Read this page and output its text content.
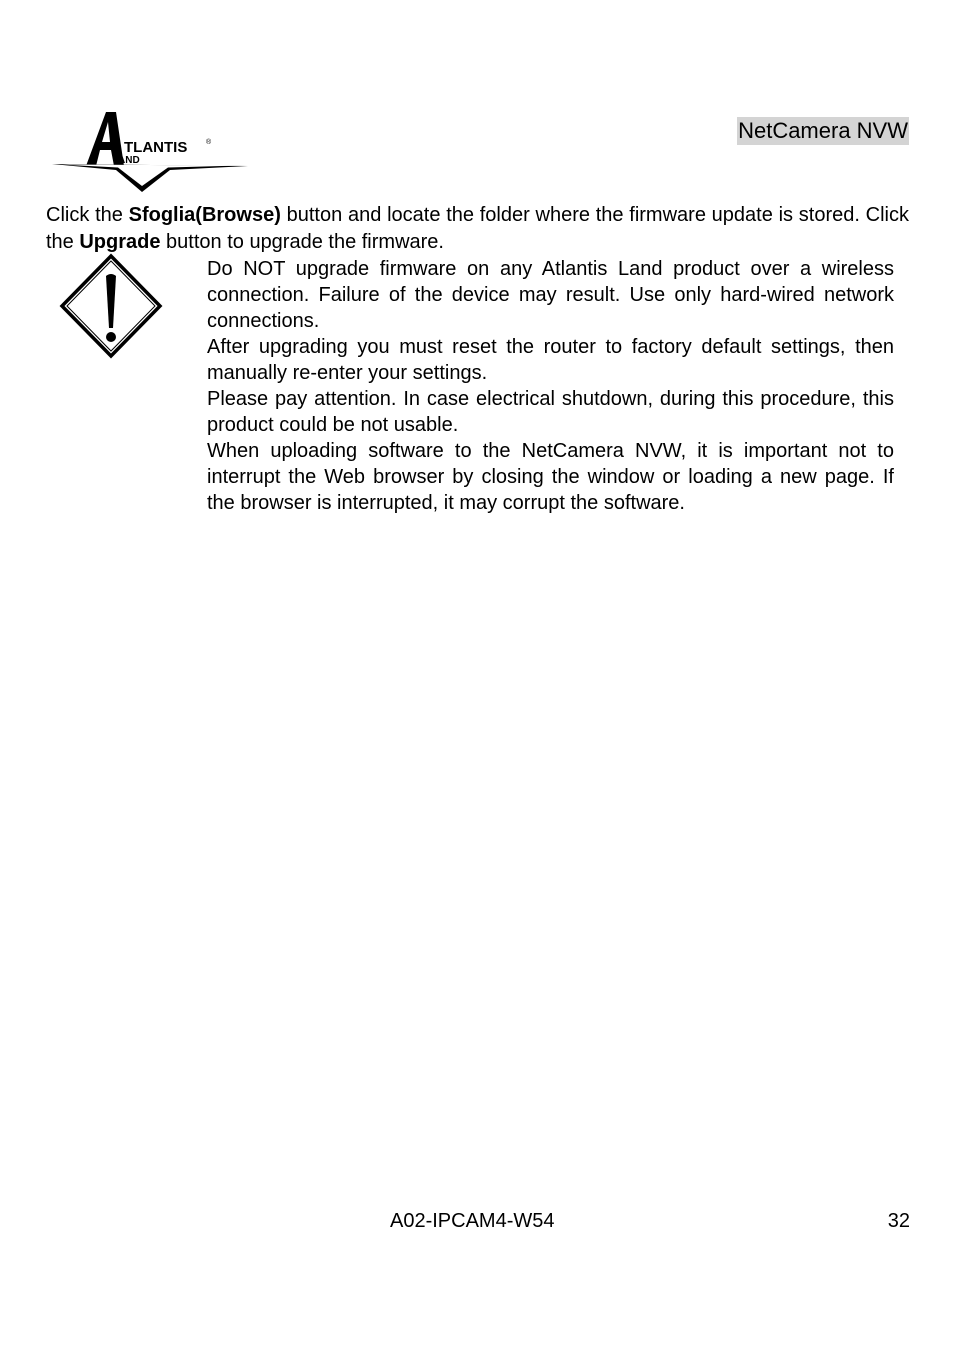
TLANTIS	®
AND
NetCamera NVW

Click the Sfoglia(Browse) button and locate the folder where the firmware update is stored. Click the Upgrade button to upgrade the firmware.

Do NOT upgrade firmware on any Atlantis Land product over a wireless connection. Failure of the device may result. Use only hard-wired network connections.

After upgrading you must reset the router to factory default settings, then manually re-enter your settings.

Please pay attention. In case electrical shutdown, during this procedure, this product could be not usable.

When uploading software to the NetCamera NVW, it is important not to interrupt the Web browser by closing the window or loading a new page. If the browser is interrupted, it may corrupt the software.

A02-IPCAM4-W54	32
